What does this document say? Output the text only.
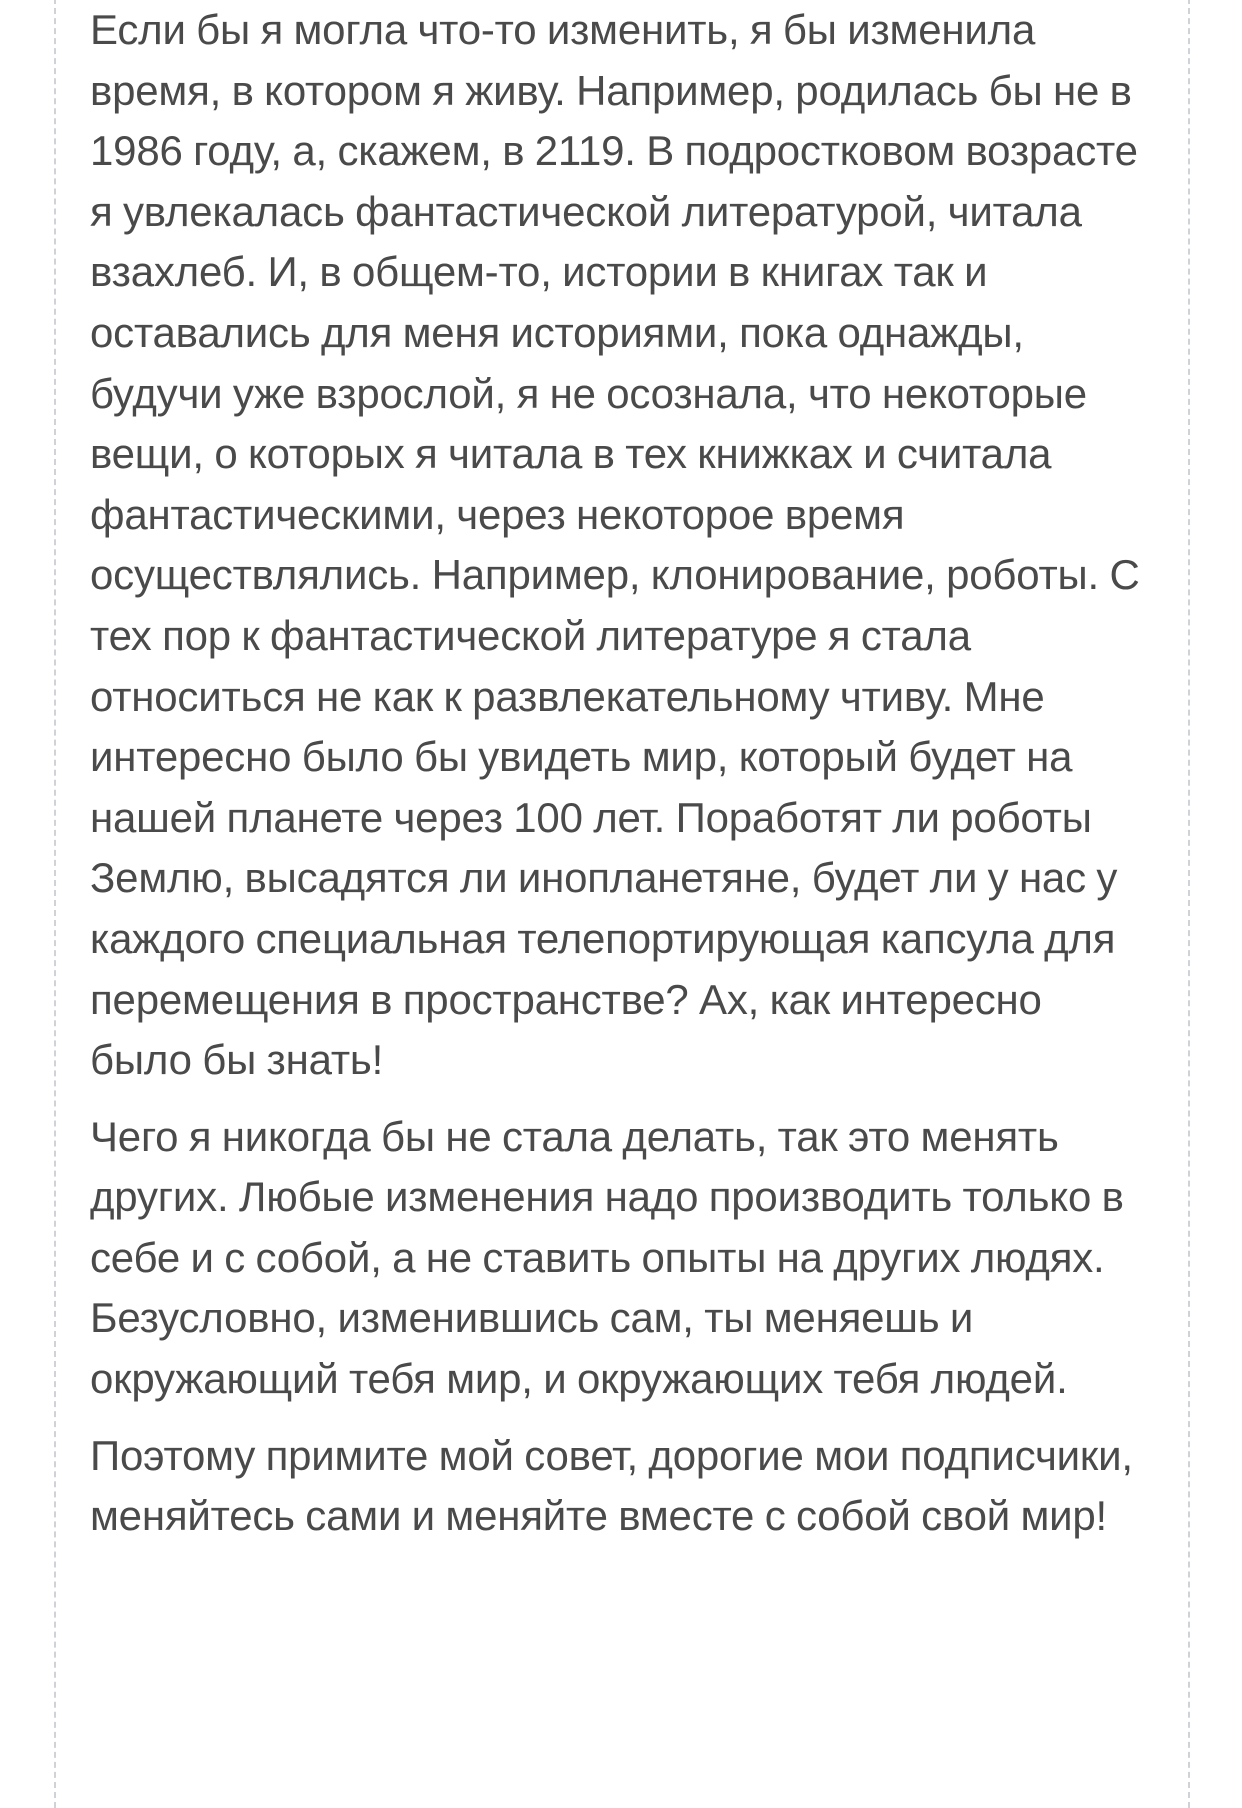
Если бы я могла что-то изменить, я бы изменила время, в котором я живу. Например, родилась бы не в 1986 году, а, скажем, в 2119. В подростковом возрасте я увлекалась фантастической литературой, читала взахлеб. И, в общем-то, истории в книгах так и оставались для меня историями, пока однажды, будучи уже взрослой, я не осознала, что некоторые вещи, о которых я читала в тех книжках и считала фантастическими, через некоторое время осуществлялись. Например, клонирование, роботы. С тех пор к фантастической литературе я стала относиться не как к развлекательному чтиву. Мне интересно было бы увидеть мир, который будет на нашей планете через 100 лет. Поработят ли роботы Землю, высадятся ли инопланетяне, будет ли у нас у каждого специальная телепортирующая капсула для перемещения в пространстве? Ах, как интересно было бы знать!

Чего я никогда бы не стала делать, так это менять других. Любые изменения надо производить только в себе и с собой, а не ставить опыты на других людях. Безусловно, изменившись сам, ты меняешь и окружающий тебя мир, и окружающих тебя людей.

Поэтому примите мой совет, дорогие мои подписчики, меняйтесь сами и меняйте вместе с собой свой мир!
